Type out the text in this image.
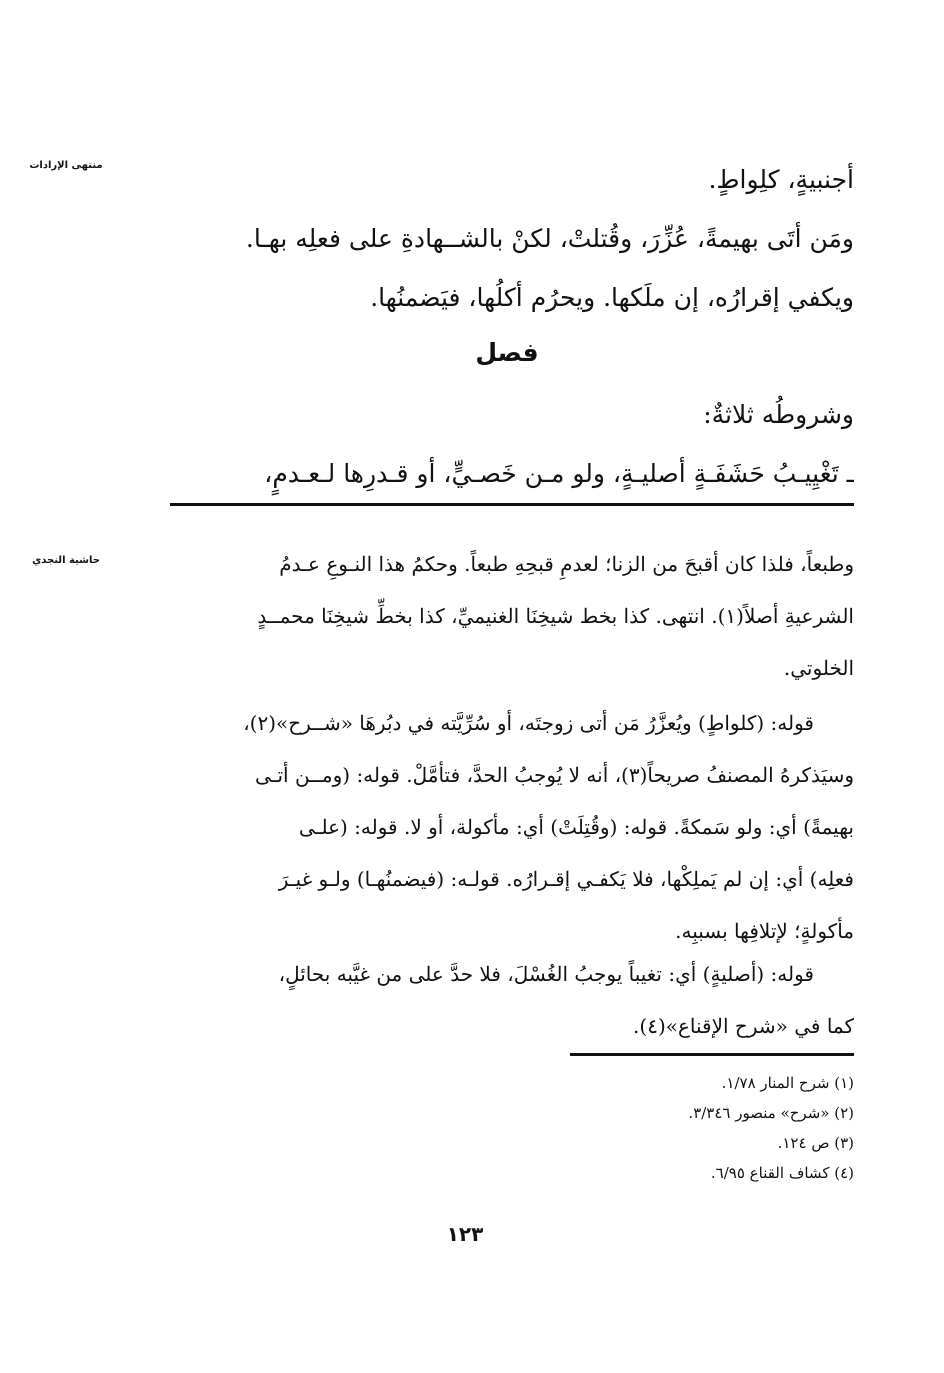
منتهى الإرادات
حاشية النجدي

أجنبيةٍ، كلِواطٍ.

ومَن أتَى بهيمةً، عُزِّرَ، وقُتلتْ، لكنْ بالشــهادةِ على فعلِه بهـا.

ويكفي إقرارُه، إن ملَكها. ويحرُم أكلُها، فيَضمنُها.

فصل

وشروطُه ثلاثةٌ:

ـ تَغْيِيـبُ حَشَفَـةٍ أصليـةٍ، ولو مـن خَصـيٍّ، أو قـدرِها لـعـدمٍ،

وطبعاً، فلذا كان أقبحَ من الزنا؛ لعدمِ قبحِهِ طبعاً. وحكمُ هذا النـوعِ عـدمُ

الشرعيةِ أصلاً(١). انتهى. كذا بخط شيخِنَا الغنيميِّ، كذا بخطِّ شيخِنَا محمــدٍ

الخلوتي.

قوله: (كلواطٍ) ويُعزَّرُ مَن أتى زوجتَه، أو سُرِّيَّته في دبُرهَا «شــرح»(٢)،

وسيَذكرهُ المصنفُ صريحاً(٣)، أنه لا يُوجبُ الحدَّ، فتأمَّلْ. قوله: (ومــن أتـى

بهيمةً) أي: ولو سَمكةً. قوله: (وقُتِلَتْ) أي: مأكولة، أو لا. قوله: (علـى

فعلِه) أي: إن لم يَملِكْها، فلا يَكفـي إقـرارُه. قولـه: (فيضمنُهـا) ولـو غيـرَ

مأكولةٍ؛ لإتلافِها بسببِه.

قوله: (أصليةٍ) أي: تغيباً يوجبُ الغُسْلَ، فلا حدَّ على من غيَّبه بحائلٍ،

كما في «شرح الإقناع»(٤).

(١) شرح المنار ١/٧٨.

(٢) «شرح» منصور ٣/٣٤٦.

(٣) ص ١٢٤.

(٤) كشاف القناع ٦/٩٥.

١٢٣
